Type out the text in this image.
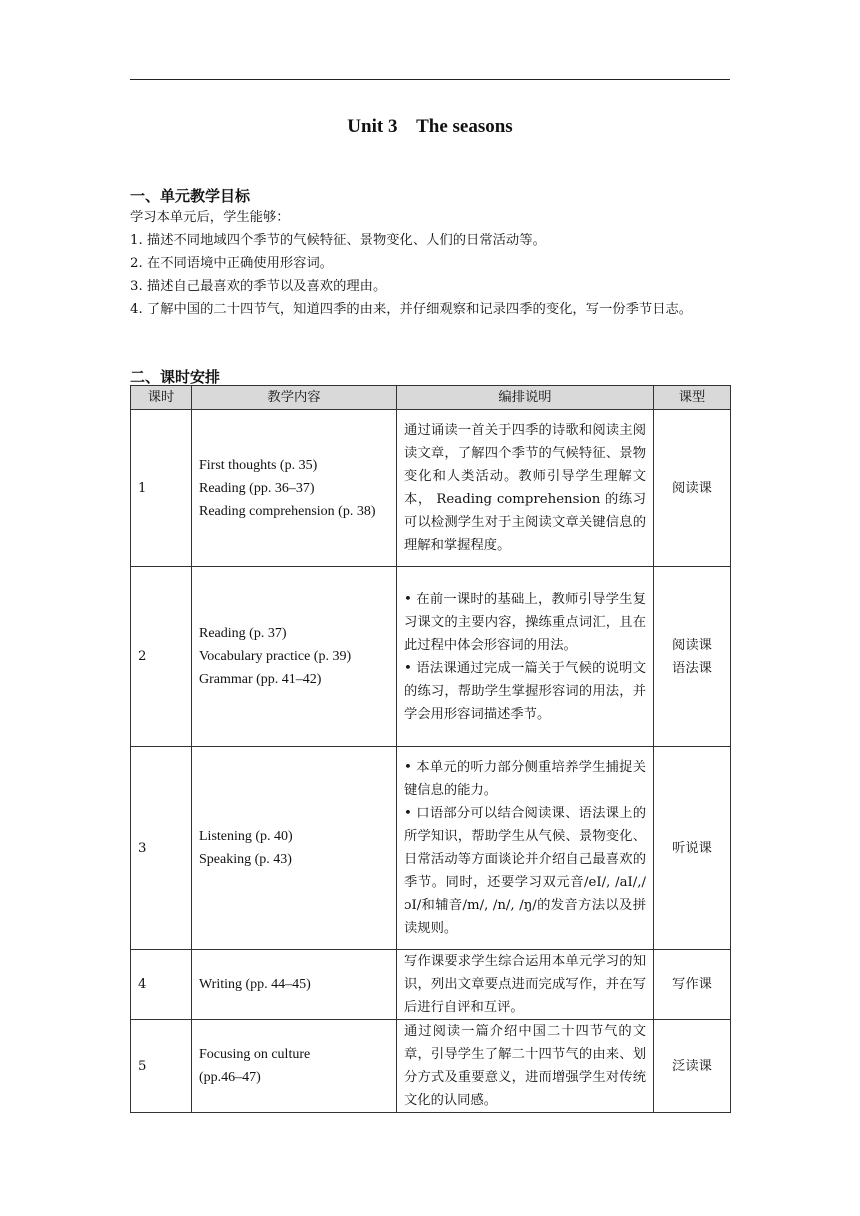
Unit 3    The seasons
一、单元教学目标

学习本单元后，学生能够：

1. 描述不同地域四个季节的气候特征、景物变化、人们的日常活动等。

2. 在不同语境中正确使用形容词。

3. 描述自己最喜欢的季节以及喜欢的理由。

4. 了解中国的二十四节气，知道四季的由来，并仔细观察和记录四季的变化，写一份季节日志。

二、课时安排
课时	教学内容	编排说明	课型
1	First thoughts (p. 35)
Reading (pp. 36–37)
Reading comprehension (p. 38)	通过诵读一首关于四季的诗歌和阅读主阅读文章，了解四个季节的气候特征、景物变化和人类活动。教师引导学生理解文本， Reading comprehension 的练习可以检测学生对于主阅读文章关键信息的理解和掌握程度。	阅读课

2	Reading (p. 37)
Vocabulary practice (p. 39)
Grammar (pp. 41–42)	• 在前一课时的基础上，教师引导学生复习课文的主要内容，操练重点词汇，且在此过程中体会形容词的用法。
• 语法课通过完成一篇关于气候的说明文的练习，帮助学生掌握形容词的用法，并学会用形容词描述季节。	阅读课
语法课

3	Listening (p. 40)
Speaking (p. 43)	• 本单元的听力部分侧重培养学生捕捉关键信息的能力。
• 口语部分可以结合阅读课、语法课上的所学知识，帮助学生从气候、景物变化、日常活动等方面谈论并介绍自己最喜欢的季节。同时，还要学习双元音/eI/, /aI/,/ɔI/和辅音/m/, /n/, /ŋ/的发音方法以及拼读规则。	听说课

4	Writing (pp. 44–45)	写作课要求学生综合运用本单元学习的知识，列出文章要点进而完成写作，并在写后进行自评和互评。	写作课

5	Focusing on culture
(pp.46–47)	通过阅读一篇介绍中国二十四节气的文章，引导学生了解二十四节气的由来、划分方式及重要意义，进而增强学生对传统文化的认同感。	泛读课
